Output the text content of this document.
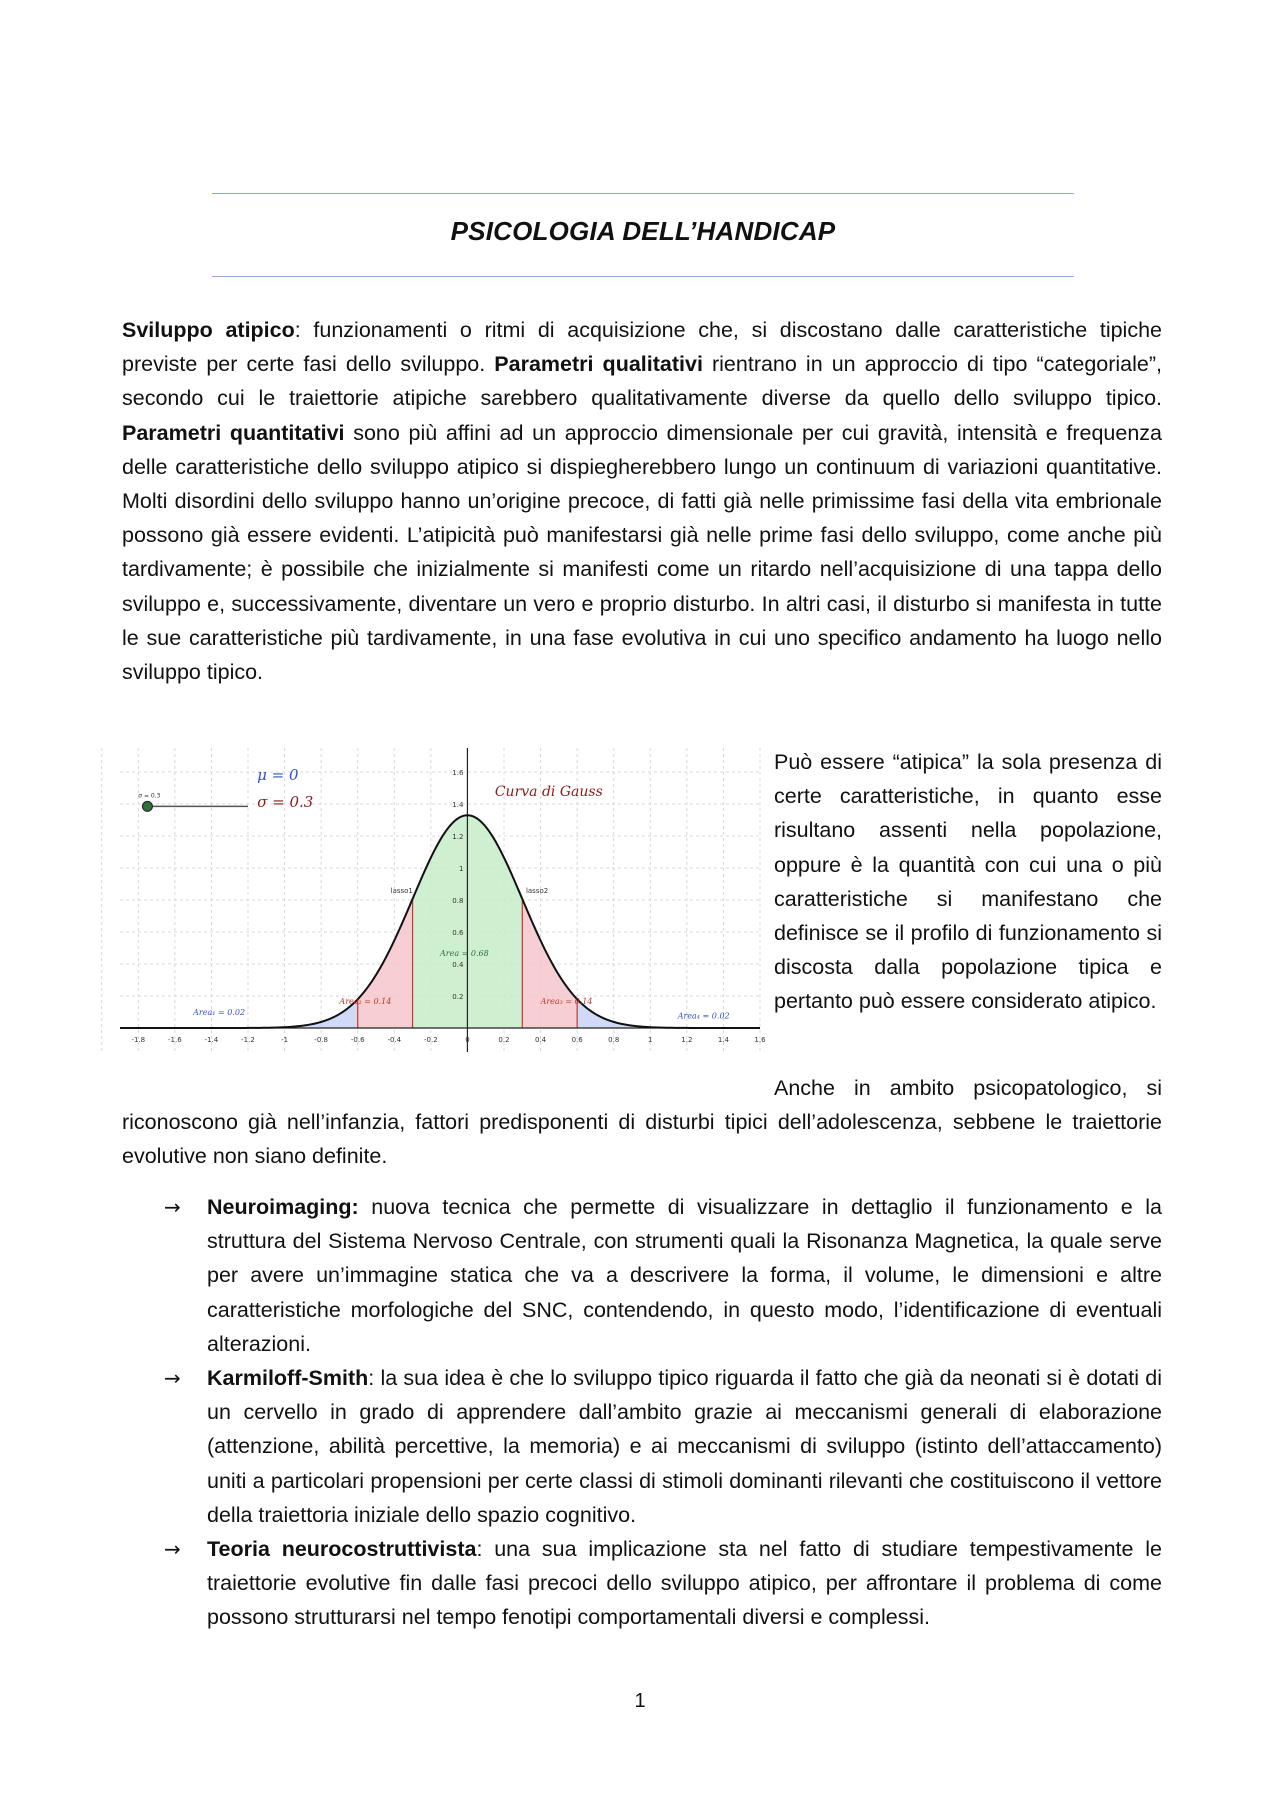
PSICOLOGIA DELL’HANDICAP
Sviluppo atipico: funzionamenti o ritmi di acquisizione che, si discostano dalle caratteristiche tipiche previste per certe fasi dello sviluppo. Parametri qualitativi rientrano in un approccio di tipo “categoriale”, secondo cui le traiettorie atipiche sarebbero qualitativamente diverse da quello dello sviluppo tipico. Parametri quantitativi sono più affini ad un approccio dimensionale per cui gravità, intensità e frequenza delle caratteristiche dello sviluppo atipico si dispiegherebbero lungo un continuum di variazioni quantitative. Molti disordini dello sviluppo hanno un’origine precoce, di fatti già nelle primissime fasi della vita embrionale possono già essere evidenti. L’atipicità può manifestarsi già nelle prime fasi dello sviluppo, come anche più tardivamente; è possibile che inizialmente si manifesti come un ritardo nell’acquisizione di una tappa dello sviluppo e, successivamente, diventare un vero e proprio disturbo. In altri casi, il disturbo si manifesta in tutte le sue caratteristiche più tardivamente, in una fase evolutiva in cui uno specifico andamento ha luogo nello sviluppo tipico.
-1.8	-1.6	-1.4	-1.2	-1	-0.8	-0.6	-0.4	-0.2	0	0.2	0.4	0.6	0.8	1	1.2	1.4	1.6
0.2
0.4
0.6
0.8
1
1.2
1.4
1.6
Curva di Gauss
μ = 0
σ = 0.3
σ = 0.3
lasso1	lasso2
Area₁ = 0.02
Area₂ = 0.14
Area = 0.68
Area₃ = 0.14
Area₄ = 0.02
Può essere “atipica” la sola presenza di certe caratteristiche, in quanto esse risultano assenti nella popolazione, oppure è la quantità con cui una o più caratteristiche si manifestano che definisce se il profilo di funzionamento si discosta dalla popolazione tipica e pertanto può essere considerato atipico.
Anche in ambito psicopatologico, si riconoscono già nell’infanzia, fattori predisponenti di disturbi tipici dell’adolescenza, sebbene le traiettorie evolutive non siano definite.
→ Neuroimaging: nuova tecnica che permette di visualizzare in dettaglio il funzionamento e la struttura del Sistema Nervoso Centrale, con strumenti quali la Risonanza Magnetica, la quale serve per avere un’immagine statica che va a descrivere la forma, il volume, le dimensioni e altre caratteristiche morfologiche del SNC, contendendo, in questo modo, l’identificazione di eventuali alterazioni.
→ Karmiloff-Smith: la sua idea è che lo sviluppo tipico riguarda il fatto che già da neonati si è dotati di un cervello in grado di apprendere dall’ambito grazie ai meccanismi generali di elaborazione (attenzione, abilità percettive, la memoria) e ai meccanismi di sviluppo (istinto dell’attaccamento) uniti a particolari propensioni per certe classi di stimoli dominanti rilevanti che costituiscono il vettore della traiettoria iniziale dello spazio cognitivo.
→ Teoria neurocostruttivista: una sua implicazione sta nel fatto di studiare tempestivamente le traiettorie evolutive fin dalle fasi precoci dello sviluppo atipico, per affrontare il problema di come possono strutturarsi nel tempo fenotipi comportamentali diversi e complessi.
1
